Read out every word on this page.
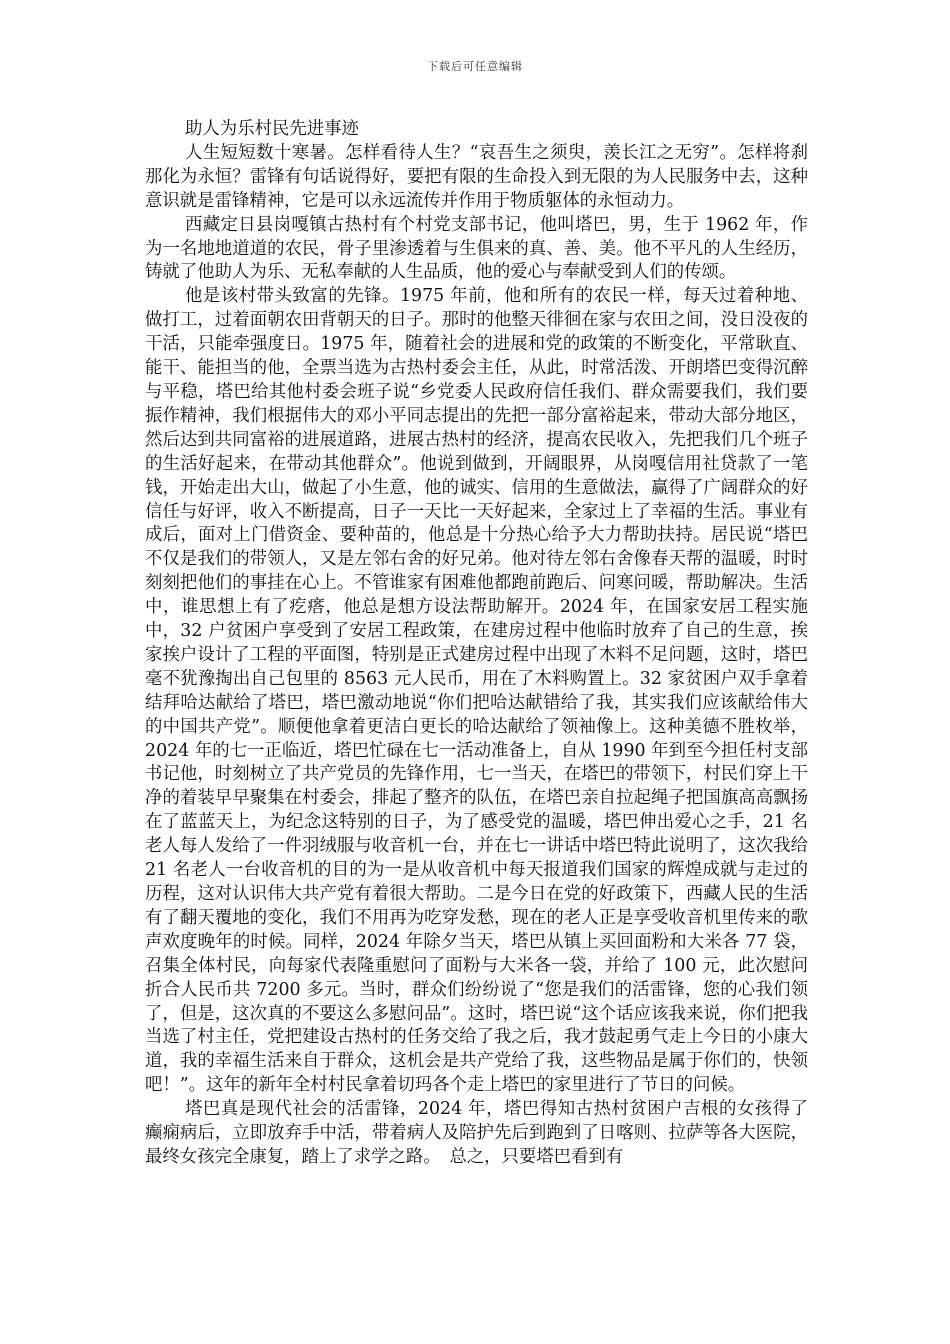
下载后可任意编辑

助人为乐村民先进事迹

人生短短数十寒暑。怎样看待人生？“哀吾生之须臾，羡长江之无穷”。怎样将刹那化为永恒？雷锋有句话说得好，要把有限的生命投入到无限的为人民服务中去，这种意识就是雷锋精神，它是可以永远流传并作用于物质躯体的永恒动力。

西藏定日县岗嘎镇古热村有个村党支部书记，他叫塔巴，男，生于 1962 年，作为一名地地道道的农民，骨子里渗透着与生俱来的真、善、美。他不平凡的人生经历，铸就了他助人为乐、无私奉献的人生品质，他的爱心与奉献受到人们的传颂。

他是该村带头致富的先锋。1975 年前，他和所有的农民一样，每天过着种地、做打工，过着面朝农田背朝天的日子。那时的他整天徘徊在家与农田之间，没日没夜的干活，只能牵强度日。1975 年，随着社会的进展和党的政策的不断变化，平常耿直、能干、能担当的他，全票当选为古热村委会主任，从此，时常活泼、开朗塔巴变得沉醉与平稳，塔巴给其他村委会班子说“乡党委人民政府信任我们、群众需要我们，我们要振作精神，我们根据伟大的邓小平同志提出的先把一部分富裕起来，带动大部分地区，然后达到共同富裕的进展道路，进展古热村的经济，提高农民收入，先把我们几个班子的生活好起来，在带动其他群众”。他说到做到，开阔眼界，从岗嘎信用社贷款了一笔钱，开始走出大山，做起了小生意，他的诚实、信用的生意做法，赢得了广阔群众的好信任与好评，收入不断提高，日子一天比一天好起来，全家过上了幸福的生活。事业有成后，面对上门借资金、要种苗的，他总是十分热心给予大力帮助扶持。居民说“塔巴不仅是我们的带领人，又是左邻右舍的好兄弟。他对待左邻右舍像春天帮的温暖，时时刻刻把他们的事挂在心上。不管谁家有困难他都跑前跑后、问寒问暖，帮助解决。生活中，谁思想上有了疙瘩，他总是想方设法帮助解开。2024 年，在国家安居工程实施中，32 户贫困户享受到了安居工程政策，在建房过程中他临时放弃了自己的生意，挨家挨户设计了工程的平面图，特别是正式建房过程中出现了木料不足问题，这时，塔巴毫不犹豫掏出自己包里的 8563 元人民币，用在了木料购置上。32 家贫困户双手拿着结拜哈达献给了塔巴，塔巴激动地说“你们把哈达献错给了我，其实我们应该献给伟大的中国共产党”。顺便他拿着更洁白更长的哈达献给了领袖像上。这种美德不胜枚举，2024 年的七一正临近，塔巴忙碌在七一活动准备上，自从 1990 年到至今担任村支部书记他，时刻树立了共产党员的先锋作用，七一当天，在塔巴的带领下，村民们穿上干净的着装早早聚集在村委会，排起了整齐的队伍，在塔巴亲自拉起绳子把国旗高高飘扬在了蓝蓝天上，为纪念这特别的日子，为了感受党的温暖，塔巴伸出爱心之手，21 名老人每人发给了一件羽绒服与收音机一台，并在七一讲话中塔巴特此说明了，这次我给 21 名老人一台收音机的目的为一是从收音机中每天报道我们国家的辉煌成就与走过的历程，这对认识伟大共产党有着很大帮助。二是今日在党的好政策下，西藏人民的生活有了翻天覆地的变化，我们不用再为吃穿发愁，现在的老人正是享受收音机里传来的歌声欢度晚年的时候。同样，2024 年除夕当天，塔巴从镇上买回面粉和大米各 77 袋，召集全体村民，向每家代表隆重慰问了面粉与大米各一袋，并给了 100 元，此次慰问折合人民币共 7200 多元。当时，群众们纷纷说了“您是我们的活雷锋，您的心我们领了，但是，这次真的不要这么多慰问品”。这时，塔巴说“这个话应该我来说，你们把我当选了村主任，党把建设古热村的任务交给了我之后，我才鼓起勇气走上今日的小康大道，我的幸福生活来自于群众，这机会是共产党给了我，这些物品是属于你们的，快领吧！”。这年的新年全村村民拿着切玛各个走上塔巴的家里进行了节日的问候。

塔巴真是现代社会的活雷锋，2024 年，塔巴得知古热村贫困户吉根的女孩得了癫痫病后，立即放弃手中活，带着病人及陪护先后到跑到了日喀则、拉萨等各大医院，最终女孩完全康复，踏上了求学之路。　总之，只要塔巴看到有
